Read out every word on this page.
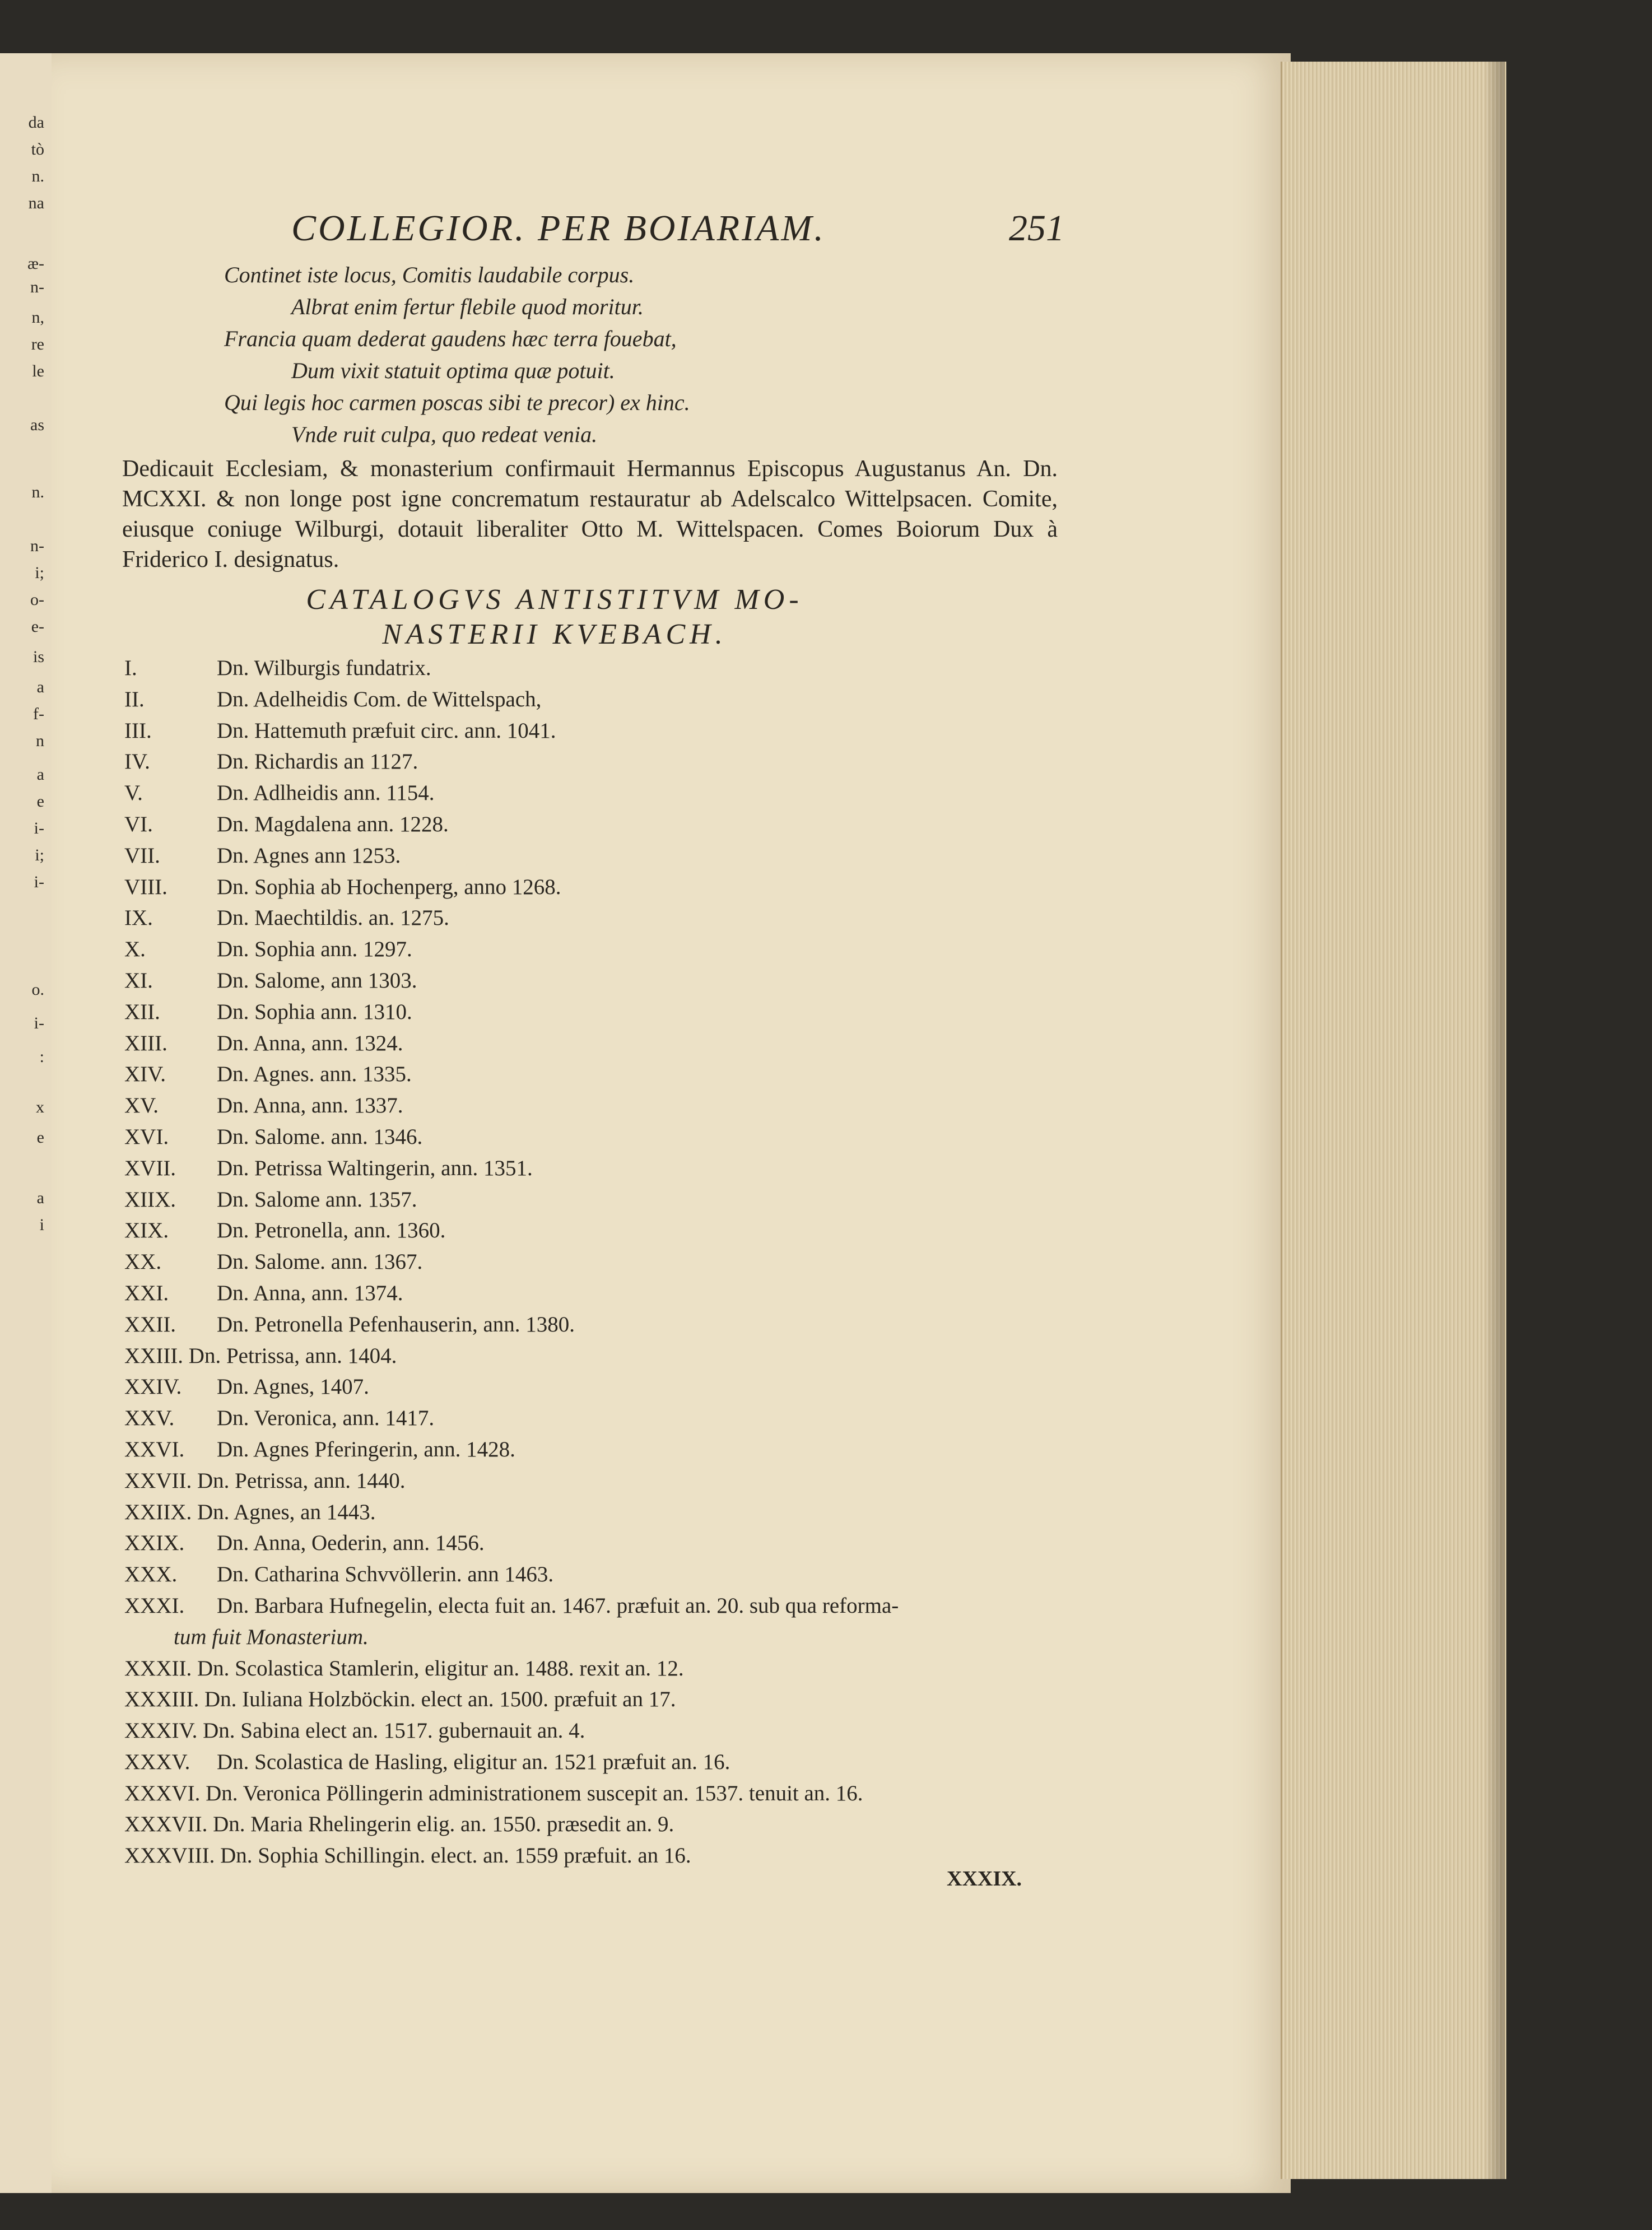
da
tò
n.
na
æ-
n-
n,
re
le
as
n.
n-
i;
o-
e-
is
a
f-
n
a
e
i-
i;
i-
o.
i-
:
x
e
a
i
COLLEGIOR. PER BOIARIAM.	251
Continet iste locus, Comitis laudabile corpus.
Albrat enim fertur flebile quod moritur.
Francia quam dederat gaudens hæc terra fouebat,
Dum vixit statuit optima quæ potuit.
Qui legis hoc carmen poscas sibi te precor) ex hinc.
Vnde ruit culpa, quo redeat venia.
Dedicauit Ecclesiam, & monasterium confirmauit Hermannus Episcopus Augustanus An. Dn. MCXXI. & non longe post igne concrematum restauratur ab Adelscalco Wittelpsacen. Comite, eiusque coniuge Wilburgi, dotauit liberaliter Otto M. Wittelspacen. Comes Boiorum Dux à Friderico I. designatus.
CATALOGVS ANTISTITVM MO-
NASTERII KVEBACH.
I.	Dn. Wilburgis fundatrix.
II.	Dn. Adelheidis Com. de Wittelspach,
III.	Dn. Hattemuth præfuit circ. ann. 1041.
IV.	Dn. Richardis an 1127.
V.	Dn. Adlheidis ann. 1154.
VI.	Dn. Magdalena ann. 1228.
VII.	Dn. Agnes ann 1253.
VIII. Dn. Sophia ab Hochenperg, anno 1268.
IX.	Dn. Maechtildis. an. 1275.
X.	Dn. Sophia ann. 1297.
XI.	Dn. Salome, ann 1303.
XII.	Dn. Sophia ann. 1310.
XIII. Dn. Anna, ann. 1324.
XIV. Dn. Agnes. ann. 1335.
XV.	Dn. Anna, ann. 1337.
XVI. Dn. Salome. ann. 1346.
XVII. Dn. Petrissa Waltingerin, ann. 1351.
XIIX. Dn. Salome ann. 1357.
XIX. Dn. Petronella, ann. 1360.
XX.	Dn. Salome. ann. 1367.
XXI. Dn. Anna, ann. 1374.
XXII. Dn. Petronella Pefenhauserin, ann. 1380.
XXIII. Dn. Petrissa, ann. 1404.
XXIV. Dn. Agnes, 1407.
XXV. Dn. Veronica, ann. 1417.
XXVI. Dn. Agnes Pferingerin, ann. 1428.
XXVII. Dn. Petrissa, ann. 1440.
XXIIX. Dn. Agnes, an 1443.
XXIX. Dn. Anna, Oederin, ann. 1456.
XXX. Dn. Catharina Schvvöllerin. ann 1463.
XXXI. Dn. Barbara Hufnegelin, electa fuit an. 1467. præfuit an. 20. sub qua reforma-
tum fuit Monasterium.
XXXII. Dn. Scolastica Stamlerin, eligitur an. 1488. rexit an. 12.
XXXIII. Dn. Iuliana Holzböckin. elect an. 1500. præfuit an 17.
XXXIV. Dn. Sabina elect an. 1517. gubernauit an. 4.
XXXV. Dn. Scolastica de Hasling, eligitur an. 1521 præfuit an. 16.
XXXVI. Dn. Veronica Pöllingerin administrationem suscepit an. 1537. tenuit an. 16.
XXXVII. Dn. Maria Rhelingerin elig. an. 1550. præsedit an. 9.
XXXVIII. Dn. Sophia Schillingin. elect. an. 1559 præfuit. an 16.
XXXIX.
